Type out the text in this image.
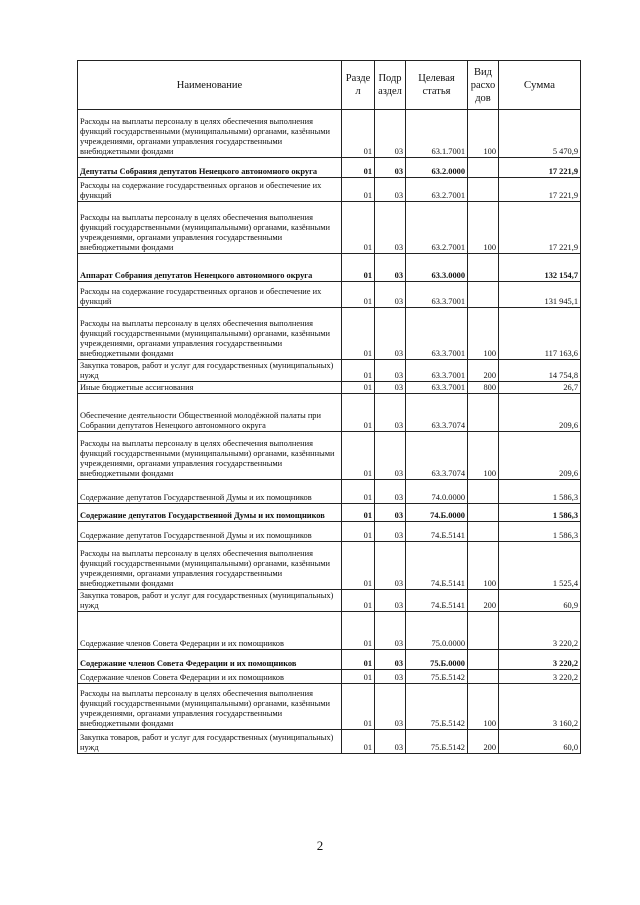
Наименование	Разде л	Подр аздел	Целевая статья	Вид расхо дов	Сумма
Расходы на выплаты персоналу в целях обеспечения выполнения функций государственными (муниципальными) органами, казёнными учреждениями, органами управления государственными внебюджетными фондами	01	03	63.1.7001	100	5 470,9
Депутаты Собрания депутатов Ненецкого автономного округа	01	03	63.2.0000		17 221,9
Расходы на содержание государственных органов и обеспечение их функций	01	03	63.2.7001		17 221,9
Расходы на выплаты персоналу в целях обеспечения выполнения функций государственными (муниципальными) органами, казёнными учреждениями, органами управления государственными внебюджетными фондами	01	03	63.2.7001	100	17 221,9
Аппарат Собрания депутатов Ненецкого автономного округа	01	03	63.3.0000		132 154,7
Расходы на содержание государственных органов и обеспечение их функций	01	03	63.3.7001		131 945,1
Расходы на выплаты персоналу в целях обеспечения выполнения функций государственными (муниципальными) органами, казёнными учреждениями, органами управления государственными внебюджетными фондами	01	03	63.3.7001	100	117 163,6
Закупка товаров, работ и услуг для государственных (муниципальных) нужд	01	03	63.3.7001	200	14 754,8
Иные бюджетные ассигнования	01	03	63.3.7001	800	26,7
Обеспечение деятельности Общественной молодёжной палаты при Собрании депутатов Ненецкого автономного округа	01	03	63.3.7074		209,6
Расходы на выплаты персоналу в целях обеспечения выполнения функций государственными (муниципальными) органами, казённными учреждениями, органами управления государственными внебюджетными фондами	01	03	63.3.7074	100	209,6
Содержание депутатов Государственной Думы и их помощников	01	03	74.0.0000		1 586,3
Содержание депутатов Государственной Думы и их помощников	01	03	74.Б.0000		1 586,3
Содержание депутатов Государственной Думы и их помощников	01	03	74.Б.5141		1 586,3
Расходы на выплаты персоналу в целях обеспечения выполнения функций государственными (муниципальными) органами, казёнными учреждениями, органами управления государственными внебюджетными фондами	01	03	74.Б.5141	100	1 525,4
Закупка товаров, работ и услуг для государственных (муниципальных) нужд	01	03	74.Б.5141	200	60,9
Содержание членов Совета Федерации и их помощников	01	03	75.0.0000		3 220,2
Содержание членов Совета Федерации и их помощников	01	03	75.Б.0000		3 220,2
Содержание членов Совета Федерации и их помощников	01	03	75.Б.5142		3 220,2
Расходы на выплаты персоналу в целях обеспечения выполнения функций государственными (муниципальными) органами, казёнными учреждениями, органами управления государственными внебюджетными фондами	01	03	75.Б.5142	100	3 160,2
Закупка товаров, работ и услуг для государственных (муниципальных) нужд	01	03	75.Б.5142	200	60,0
2
